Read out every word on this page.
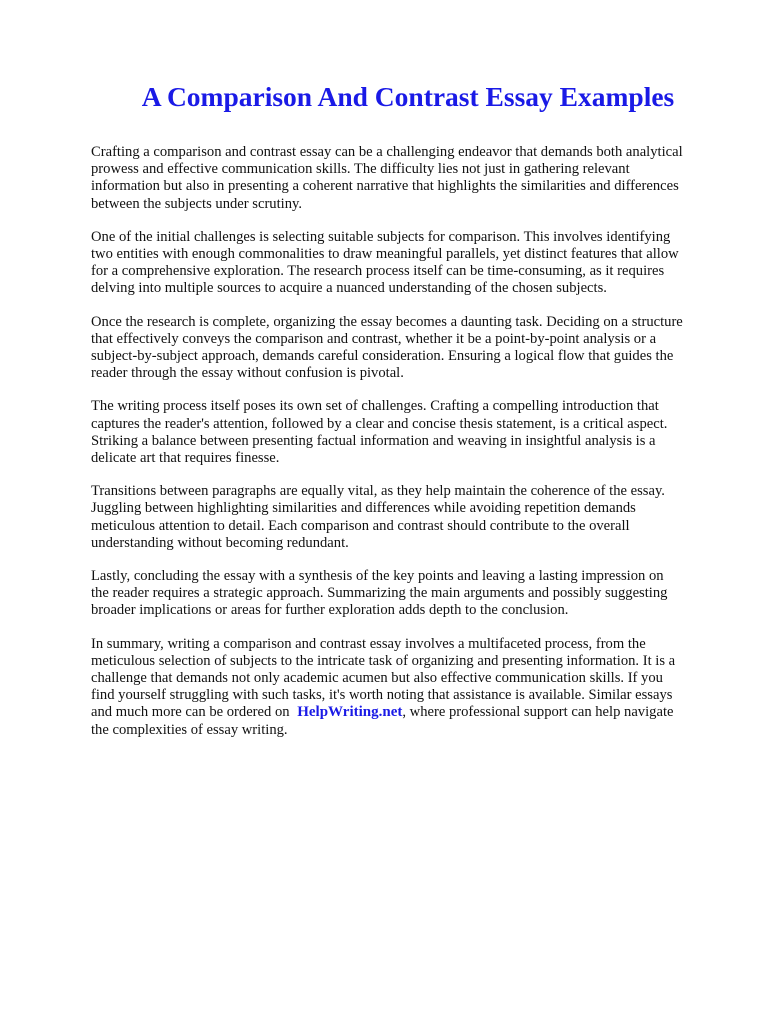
A Comparison And Contrast Essay Examples

Crafting a comparison and contrast essay can be a challenging endeavor that demands both analytical
prowess and effective communication skills. The difficulty lies not just in gathering relevant
information but also in presenting a coherent narrative that highlights the similarities and differences
between the subjects under scrutiny.

One of the initial challenges is selecting suitable subjects for comparison. This involves identifying
two entities with enough commonalities to draw meaningful parallels, yet distinct features that allow
for a comprehensive exploration. The research process itself can be time-consuming, as it requires
delving into multiple sources to acquire a nuanced understanding of the chosen subjects.

Once the research is complete, organizing the essay becomes a daunting task. Deciding on a structure
that effectively conveys the comparison and contrast, whether it be a point-by-point analysis or a
subject-by-subject approach, demands careful consideration. Ensuring a logical flow that guides the
reader through the essay without confusion is pivotal.

The writing process itself poses its own set of challenges. Crafting a compelling introduction that
captures the reader's attention, followed by a clear and concise thesis statement, is a critical aspect.
Striking a balance between presenting factual information and weaving in insightful analysis is a
delicate art that requires finesse.

Transitions between paragraphs are equally vital, as they help maintain the coherence of the essay.
Juggling between highlighting similarities and differences while avoiding repetition demands
meticulous attention to detail. Each comparison and contrast should contribute to the overall
understanding without becoming redundant.

Lastly, concluding the essay with a synthesis of the key points and leaving a lasting impression on
the reader requires a strategic approach. Summarizing the main arguments and possibly suggesting
broader implications or areas for further exploration adds depth to the conclusion.

In summary, writing a comparison and contrast essay involves a multifaceted process, from the
meticulous selection of subjects to the intricate task of organizing and presenting information. It is a
challenge that demands not only academic acumen but also effective communication skills. If you
find yourself struggling with such tasks, it's worth noting that assistance is available. Similar essays
and much more can be ordered on HelpWriting.net, where professional support can help navigate
the complexities of essay writing.
